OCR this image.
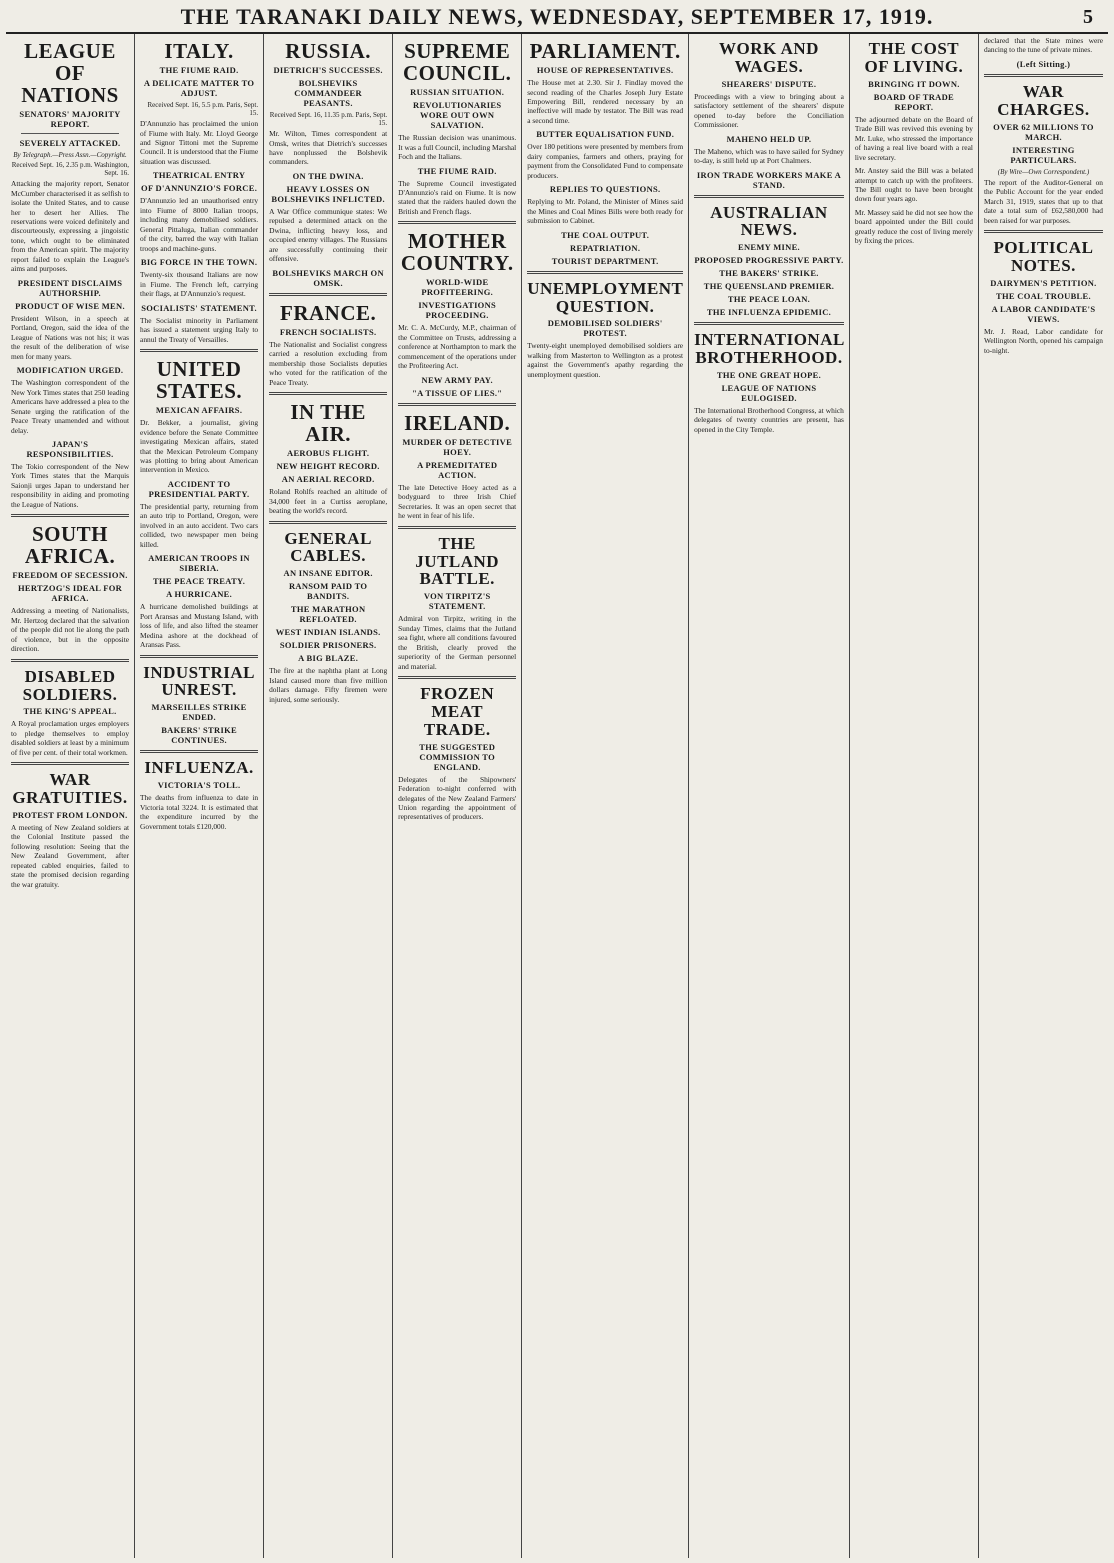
THE TARANAKI DAILY NEWS, WEDNESDAY, SEPTEMBER 17, 1919.	5
LEAGUE OF NATIONS
SENATORS' MAJORITY REPORT.
SEVERELY ATTACKED.
By Telegraph.—Press Assn.—Copyright.
Received Sept. 16, 2.35 p.m. Washington, Sept. 16.
Attacking the majority report, Senator McCumber characterised it as selfish to isolate the United States, and to cause her to desert her Allies. The reservations were voiced definitely and discourteously, expressing a jingoistic tone, which ought to be eliminated from the American spirit. The majority report failed to explain the League's aims and purposes.
PRESIDENT DISCLAIMS AUTHORSHIP.
PRODUCT OF WISE MEN.
President Wilson, in a speech at Portland, Oregon, said the idea of the League of Nations was not his; it was the result of the deliberation of wise men for many years.
MODIFICATION URGED.
The Washington correspondent of the New York Times states that 250 leading Americans have addressed a plea to the Senate urging the ratification of the Peace Treaty unamended and without delay.
JAPAN'S RESPONSIBILITIES.
The Tokio correspondent of the New York Times states that the Marquis Saionji urges Japan to understand her responsibility in aiding and promoting the League of Nations.
SOUTH AFRICA.
FREEDOM OF SECESSION.
HERTZOG'S IDEAL FOR AFRICA.
Addressing a meeting of Nationalists, Mr. Hertzog declared that the salvation of the people did not lie along the path of violence, but in the opposite direction.
DISABLED SOLDIERS.
THE KING'S APPEAL.
A Royal proclamation urges employers to pledge themselves to employ disabled soldiers at least by a minimum of five per cent. of their total workmen.
WAR GRATUITIES.
PROTEST FROM LONDON.
A meeting of New Zealand soldiers at the Colonial Institute passed the following resolution: Seeing that the New Zealand Government, after repeated cabled enquiries, failed to state the promised decision regarding the war gratuity.
ITALY.
THE FIUME RAID.
A DELICATE MATTER TO ADJUST.
Received Sept. 16, 5.5 p.m. Paris, Sept. 15.
D'Annunzio has proclaimed the union of Fiume with Italy. Mr. Lloyd George and Signor Tittoni met the Supreme Council. It is understood that the Fiume situation was discussed.
THEATRICAL ENTRY
OF D'ANNUNZIO'S FORCE.
D'Annunzio led an unauthorised entry into Fiume of 8000 Italian troops, including many demobilised soldiers. General Pittaluga, Italian commander of the city, barred the way with Italian troops and machine-guns.
BIG FORCE IN THE TOWN.
Twenty-six thousand Italians are now in Fiume. The French left, carrying their flags, at D'Annunzio's request.
SOCIALISTS' STATEMENT.
The Socialist minority in Parliament has issued a statement urging Italy to annul the Treaty of Versailles.
UNITED STATES.
MEXICAN AFFAIRS.
Dr. Bekker, a journalist, giving evidence before the Senate Committee investigating Mexican affairs, stated that the Mexican Petroleum Company was plotting to bring about American intervention in Mexico.
ACCIDENT TO PRESIDENTIAL PARTY.
The presidential party, returning from an auto trip to Portland, Oregon, were involved in an auto accident. Two cars collided, two newspaper men being killed.
AMERICAN TROOPS IN SIBERIA.
THE PEACE TREATY.
A HURRICANE.
A hurricane demolished buildings at Port Aransas and Mustang Island, with loss of life, and also lifted the steamer Medina ashore at the dockhead of Aransas Pass.
INDUSTRIAL UNREST.
MARSEILLES STRIKE ENDED.
BAKERS' STRIKE CONTINUES.
INFLUENZA.
VICTORIA'S TOLL.
The deaths from influenza to date in Victoria total 3224. It is estimated that the expenditure incurred by the Government totals £120,000.
RUSSIA.
DIETRICH'S SUCCESSES.
BOLSHEVIKS COMMANDEER PEASANTS.
Received Sept. 16, 11.35 p.m. Paris, Sept. 15.
Mr. Wilton, Times correspondent at Omsk, writes that Dietrich's successes have nonplussed the Bolshevik commanders.
ON THE DWINA.
HEAVY LOSSES ON BOLSHEVIKS INFLICTED.
A War Office communique states: We repulsed a determined attack on the Dwina, inflicting heavy loss, and occupied enemy villages. The Russians are successfully continuing their offensive.
BOLSHEVIKS MARCH ON OMSK.
FRANCE.
FRENCH SOCIALISTS.
The Nationalist and Socialist congress carried a resolution excluding from membership those Socialists deputies who voted for the ratification of the Peace Treaty.
IN THE AIR.
AEROBUS FLIGHT.
NEW HEIGHT RECORD.
AN AERIAL RECORD.
Roland Rohlfs reached an altitude of 34,000 feet in a Curtiss aeroplane, beating the world's record.
GENERAL CABLES.
AN INSANE EDITOR.
RANSOM PAID TO BANDITS.
THE MARATHON REFLOATED.
WEST INDIAN ISLANDS.
SOLDIER PRISONERS.
A BIG BLAZE.
The fire at the naphtha plant at Long Island caused more than five million dollars damage. Fifty firemen were injured, some seriously.
SUPREME COUNCIL.
RUSSIAN SITUATION.
REVOLUTIONARIES WORE OUT OWN SALVATION.
The Russian decision was unanimous. It was a full Council, including Marshal Foch and the Italians.
THE FIUME RAID.
The Supreme Council investigated D'Annunzio's raid on Fiume. It is now stated that the raiders hauled down the British and French flags.
MOTHER COUNTRY.
WORLD-WIDE PROFITEERING.
INVESTIGATIONS PROCEEDING.
Mr. C. A. McCurdy, M.P., chairman of the Committee on Trusts, addressing a conference at Northampton to mark the commencement of the operations under the Profiteering Act.
NEW ARMY PAY.
"A TISSUE OF LIES."
IRELAND.
MURDER OF DETECTIVE HOEY.
A PREMEDITATED ACTION.
The late Detective Hoey acted as a bodyguard to three Irish Chief Secretaries. It was an open secret that he went in fear of his life.
THE JUTLAND BATTLE.
VON TIRPITZ'S STATEMENT.
Admiral von Tirpitz, writing in the Sunday Times, claims that the Jutland sea fight, where all conditions favoured the British, clearly proved the superiority of the German personnel and material.
FROZEN MEAT TRADE.
THE SUGGESTED COMMISSION TO ENGLAND.
Delegates of the Shipowners' Federation to-night conferred with delegates of the New Zealand Farmers' Union regarding the appointment of representatives of producers.
PARLIAMENT.
HOUSE OF REPRESENTATIVES.
The House met at 2.30. Sir J. Findlay moved the second reading of the Charles Joseph Jury Estate Empowering Bill, rendered necessary by an ineffective will made by testator. The Bill was read a second time.
BUTTER EQUALISATION FUND.
Over 180 petitions were presented by members from dairy companies, farmers and others, praying for payment from the Consolidated Fund to compensate producers.
REPLIES TO QUESTIONS.
Replying to Mr. Poland, the Minister of Mines said the Mines and Coal Mines Bills were both ready for submission to Cabinet.
THE COAL OUTPUT.
REPATRIATION.
TOURIST DEPARTMENT.
UNEMPLOYMENT QUESTION.
DEMOBILISED SOLDIERS' PROTEST.
Twenty-eight unemployed demobilised soldiers are walking from Masterton to Wellington as a protest against the Government's apathy regarding the unemployment question.
WORK AND WAGES.
SHEARERS' DISPUTE.
Proceedings with a view to bringing about a satisfactory settlement of the shearers' dispute opened to-day before the Conciliation Commissioner.
MAHENO HELD UP.
The Maheno, which was to have sailed for Sydney to-day, is still held up at Port Chalmers.
IRON TRADE WORKERS MAKE A STAND.
AUSTRALIAN NEWS.
ENEMY MINE.
PROPOSED PROGRESSIVE PARTY.
THE BAKERS' STRIKE.
THE QUEENSLAND PREMIER.
THE PEACE LOAN.
THE INFLUENZA EPIDEMIC.
INTERNATIONAL BROTHERHOOD.
THE ONE GREAT HOPE.
LEAGUE OF NATIONS EULOGISED.
The International Brotherhood Congress, at which delegates of twenty countries are present, has opened in the City Temple.
THE COST OF LIVING.
BRINGING IT DOWN.
BOARD OF TRADE REPORT.
The adjourned debate on the Board of Trade Bill was revived this evening by Mr. Luke, who stressed the importance of having a real live board with a real live secretary.
Mr. Anstey said the Bill was a belated attempt to catch up with the profiteers. The Bill ought to have been brought down four years ago.
Mr. Massey said he did not see how the board appointed under the Bill could greatly reduce the cost of living merely by fixing the prices.
declared that the State mines were dancing to the tune of private mines.
(Left Sitting.)
WAR CHARGES.
OVER 62 MILLIONS TO MARCH.
INTERESTING PARTICULARS.
(By Wire—Own Correspondent.)
The report of the Auditor-General on the Public Account for the year ended March 31, 1919, states that up to that date a total sum of £62,580,000 had been raised for war purposes.
POLITICAL NOTES.
DAIRYMEN'S PETITION.
THE COAL TROUBLE.
A LABOR CANDIDATE'S VIEWS.
Mr. J. Read, Labor candidate for Wellington North, opened his campaign to-night.
